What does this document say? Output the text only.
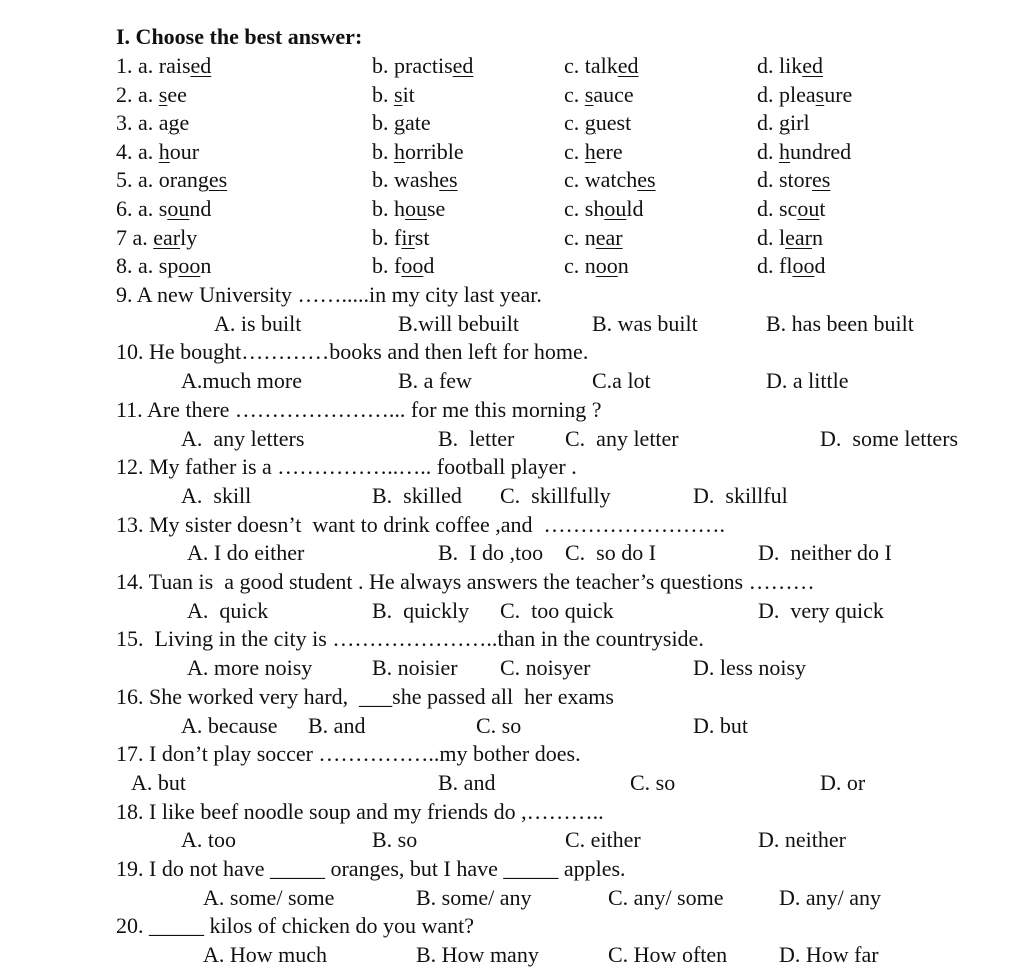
I. Choose the best answer:
1. a. raised	b. practised	c. talked	d. liked
2. a. see	b. sit	c. sauce	d. pleasure
3. a. age	b. gate	c. guest	d. girl
4. a. hour	b. horrible	c. here	d. hundred
5. a. oranges	b. washes	c. watches	d. stores
6. a. sound	b. house	c. should	d. scout
7 a. early	b. first	c. near	d. learn
8. a. spoon	b. food	c. noon	d. flood
9. A new University …….....in my city last year.
A. is built	B.will bebuilt	B. was built	B. has been built
10. He bought…………books and then left for home.
A.much more	B. a few	C.a lot	D. a little
11. Are there …………………... for me this morning ?
A.  any letters	B.  letter C.  any letter	D.  some letters
12. My father is a ……………..….. football player .
A.  skill	B.  skilled C.  skillfully	D.  skillful
13. My sister doesn’t  want to drink coffee ,and  …………………….
A. I do either	B.  I do ,too C.  so do I	D.  neither do I
14. Tuan is  a good student . He always answers the teacher’s questions ………
A.  quick	B.  quickly C.  too quick	D.  very quick
15.  Living in the city is …………………..than in the countryside.
A. more noisy	B. noisier C. noisyer	D. less noisy
16. She worked very hard,  ___she passed all  her exams
A. because B. and	C. so	D. but
17. I don’t play soccer ……………..my bother does.
A. but	B. and	C. so	D. or
18. I like beef noodle soup and my friends do ,………..
A. too	B. so	C. either	D. neither
19. I do not have _____ oranges, but I have _____ apples.
A. some/ some	B. some/ any	C. any/ some	D. any/ any
20. _____ kilos of chicken do you want?
A. How much	B. How many	C. How often D. How far
